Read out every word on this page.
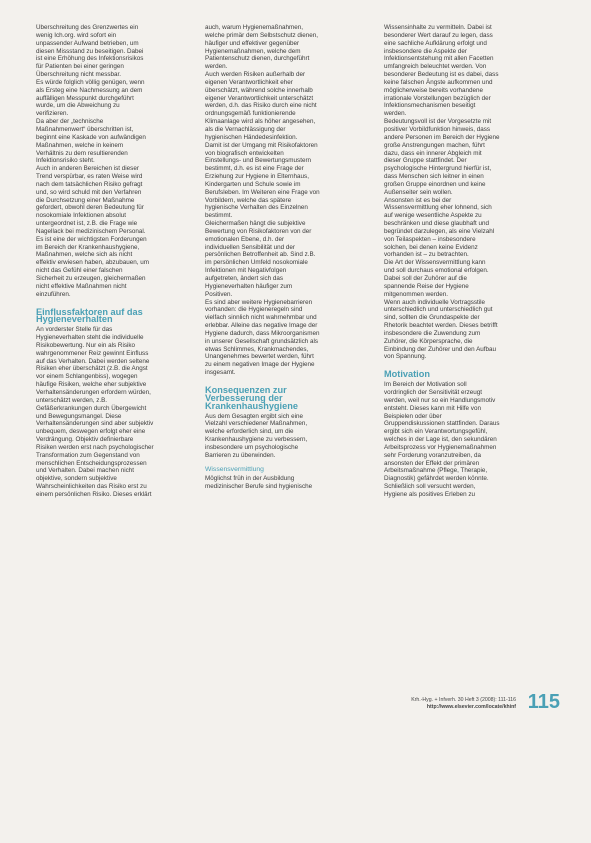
Überschreitung des Grenzwertes ein
wenig Ich.org. wird sofort ein
unpassender Aufwand betrieben, um
diesen Missstand zu beseitigen. Dabei
ist eine Erhöhung des Infektionsrisikos
für Patienten bei einer geringen
Überschreitung nicht messbar.
Es würde folglich völlig genügen, wenn
als Ersteg eine Nachmessung an dem
auffälligen Messpunkt durchgeführt
wurde, um die Abweichung zu
verifizieren.
Da aber der „technische
Maßnahmenwert“ überschritten ist,
beginnt eine Kaskade von aufwändigen
Maßnahmen, welche in keinem
Verhältnis zu dem resultierenden
Infektionsrisiko steht.
Auch in anderen Bereichen ist dieser
Trend verspürbar, es raten Weise wird
nach dem tatsächlichen Risiko gefragt
und, so wird schuld mit den Verfahren
die Durchsetzung einer Maßnahme
gefordert, obwohl deren Bedeutung für
nosokomiale Infektionen absolut
untergeordnet ist, z.B. die Frage wie
Nagellack bei medizinischem Personal.
Es ist eine der wichtigsten Forderungen
im Bereich der Krankenhaushygiene,
Maßnahmen, welche sich als nicht
effektiv erwiesen haben, abzubauen, um
nicht das Gefühl einer falschen
Sicherheit zu erzeugen, gleichermaßen
nicht effektive Maßnahmen nicht
einzuführen.

Einflussfaktoren auf das
Hygieneverhalten

An vorderster Stelle für das
Hygieneverhalten steht die individuelle
Risikobewertung. Nur ein als Risiko
wahrgenommener Reiz gewinnt Einfluss
auf das Verhalten. Dabei werden seltene
Risiken eher überschätzt (z.B. die Angst
vor einem Schlangenbiss), wogegen
häufige Risiken, welche eher subjektive
Verhaltensänderungen erfordern würden,
unterschätzt werden, z.B.
Gefäßerkrankungen durch Übergewicht
und Bewegungsmangel. Diese
Verhaltensänderungen sind aber subjektiv
unbequem, deswegen erfolgt eher eine
Verdrängung. Objektiv definierbare
Risiken werden erst nach psychologischer
Transformation zum Gegenstand von
menschlichen Entscheidungsprozessen
und Verhalten. Dabei machen nicht
objektive, sondern subjektive
Wahrscheinlichkeiten das Risiko erst zu
einem persönlichen Risiko. Dieses erklärt

auch, warum Hygienemaßnahmen,
welche primär dem Selbstschutz dienen,
häufiger und effektiver gegenüber
Hygienemaßnahmen, welche dem
Patientenschutz dienen, durchgeführt
werden.
Auch werden Risiken außerhalb der
eigenen Verantwortlichkeit eher
überschätzt, während solche innerhalb
eigener Verantwortlichkeit unterschätzt
werden, d.h. das Risiko durch eine nicht
ordnungsgemäß funktionierende
Klimaanlage wird als höher angesehen,
als die Vernachlässigung der
hygienischen Händedesinfektion.
Damit ist der Umgang mit Risikofaktoren
von biografisch entwickelten
Einstellungs- und Bewertungsmustern
bestimmt, d.h. es ist eine Frage der
Erziehung zur Hygiene in Elternhaus,
Kindergarten und Schule sowie im
Berufsleben. Im Weiteren eine Frage von
Vorbildern, welche das spätere
hygienische Verhalten des Einzelnen
bestimmt.
Gleichermaßen hängt die subjektive
Bewertung von Risikofaktoren von der
emotionalen Ebene, d.h. der
individuellen Sensibilität und der
persönlichen Betroffenheit ab. Sind z.B.
im persönlichen Umfeld nosokomiale
Infektionen mit Negativfolgen
aufgetreten, ändert sich das
Hygieneverhalten häufiger zum
Positiven.
Es sind aber weitere Hygienebarrieren
vorhanden: die Hygieneregeln sind
vielfach sinnlich nicht wahrnehmbar und
erlebbar. Alleine das negative Image der
Hygiene dadurch, dass Mikroorganismen
in unserer Gesellschaft grundsätzlich als
etwas Schlimmes, Krankmachendes,
Unangenehmes bewertet werden, führt
zu einem negativen Image der Hygiene
insgesamt.

Konsequenzen zur
Verbesserung der
Krankenhaushygiene

Aus dem Gesagten ergibt sich eine
Vielzahl verschiedener Maßnahmen,
welche erforderlich sind, um die
Krankenhaushygiene zu verbessern,
insbesondere um psychologische
Barrieren zu überwinden.

Wissensvermittlung

Möglichst früh in der Ausbildung
medizinischer Berufe sind hygienische

Wissensinhalte zu vermitteln. Dabei ist
besonderer Wert darauf zu legen, dass
eine sachliche Aufklärung erfolgt und
insbesondere die Aspekte der
Infektionsentstehung mit allen Facetten
umfangreich beleuchtet werden. Von
besonderer Bedeutung ist es dabei, dass
keine falschen Ängste aufkommen und
möglicherweise bereits vorhandene
irrationale Vorstellungen bezüglich der
Infektionsmechanismen beseitigt
werden.
Bedeutungsvoll ist der Vorgesetzte mit
positiver Vorbildfunktion hinweis, dass
andere Personen im Bereich der Hygiene
große Anstrengungen machen, führt
dazu, dass ein innerer Abgleich mit
dieser Gruppe stattfindet. Der
psychologische Hintergrund hierfür ist,
dass Menschen sich leitner in einen
großen Gruppe einordnen und keine
Außenseiter sein wollen.
Ansonsten ist es bei der
Wissensvermittlung eher lohnend, sich
auf wenige wesentliche Aspekte zu
beschränken und diese glaubhaft und
begründet darzulegen, als eine Vielzahl
von Teilaspekten – insbesondere
solchen, bei denen keine Evidenz
vorhanden ist – zu betrachten.
Die Art der Wissensvermittlung kann
und soll durchaus emotional erfolgen.
Dabei soll der Zuhörer auf die
spannende Reise der Hygiene
mitgenommen werden.
Wenn auch individuelle Vortragsstile
unterschiedlich und unterschiedlich gut
sind, sollten die Grundaspekte der
Rhetorik beachtet werden. Dieses betrifft
insbesondere die Zuwendung zum
Zuhörer, die Körpersprache, die
Einbindung der Zuhörer und den Aufbau
von Spannung.

Motivation

Im Bereich der Motivation soll
vordringlich der Sensitivität erzeugt
werden, weil nur so ein Handlungsmotiv
entsteht. Dieses kann mit Hilfe von
Beispielen oder über
Gruppendiskussionen stattfinden. Daraus
ergibt sich ein Verantwortungsgefühl,
welches in der Lage ist, den sekundären
Arbeitsprozess vor Hygienemaßnahmen
sehr Forderung voranzutreiben, da
ansonsten der Effekt der primären
Arbeitsmaßnahme (Pflege, Therapie,
Diagnostik) gefährdet werden könnte.
Schließlich soll versucht werden,
Hygiene als positives Erleben zu

Krh.-Hyg. + Infverh. 30 Heft 3 (2008): 111-116
http://www.elsevier.com/locate/khinf 115
